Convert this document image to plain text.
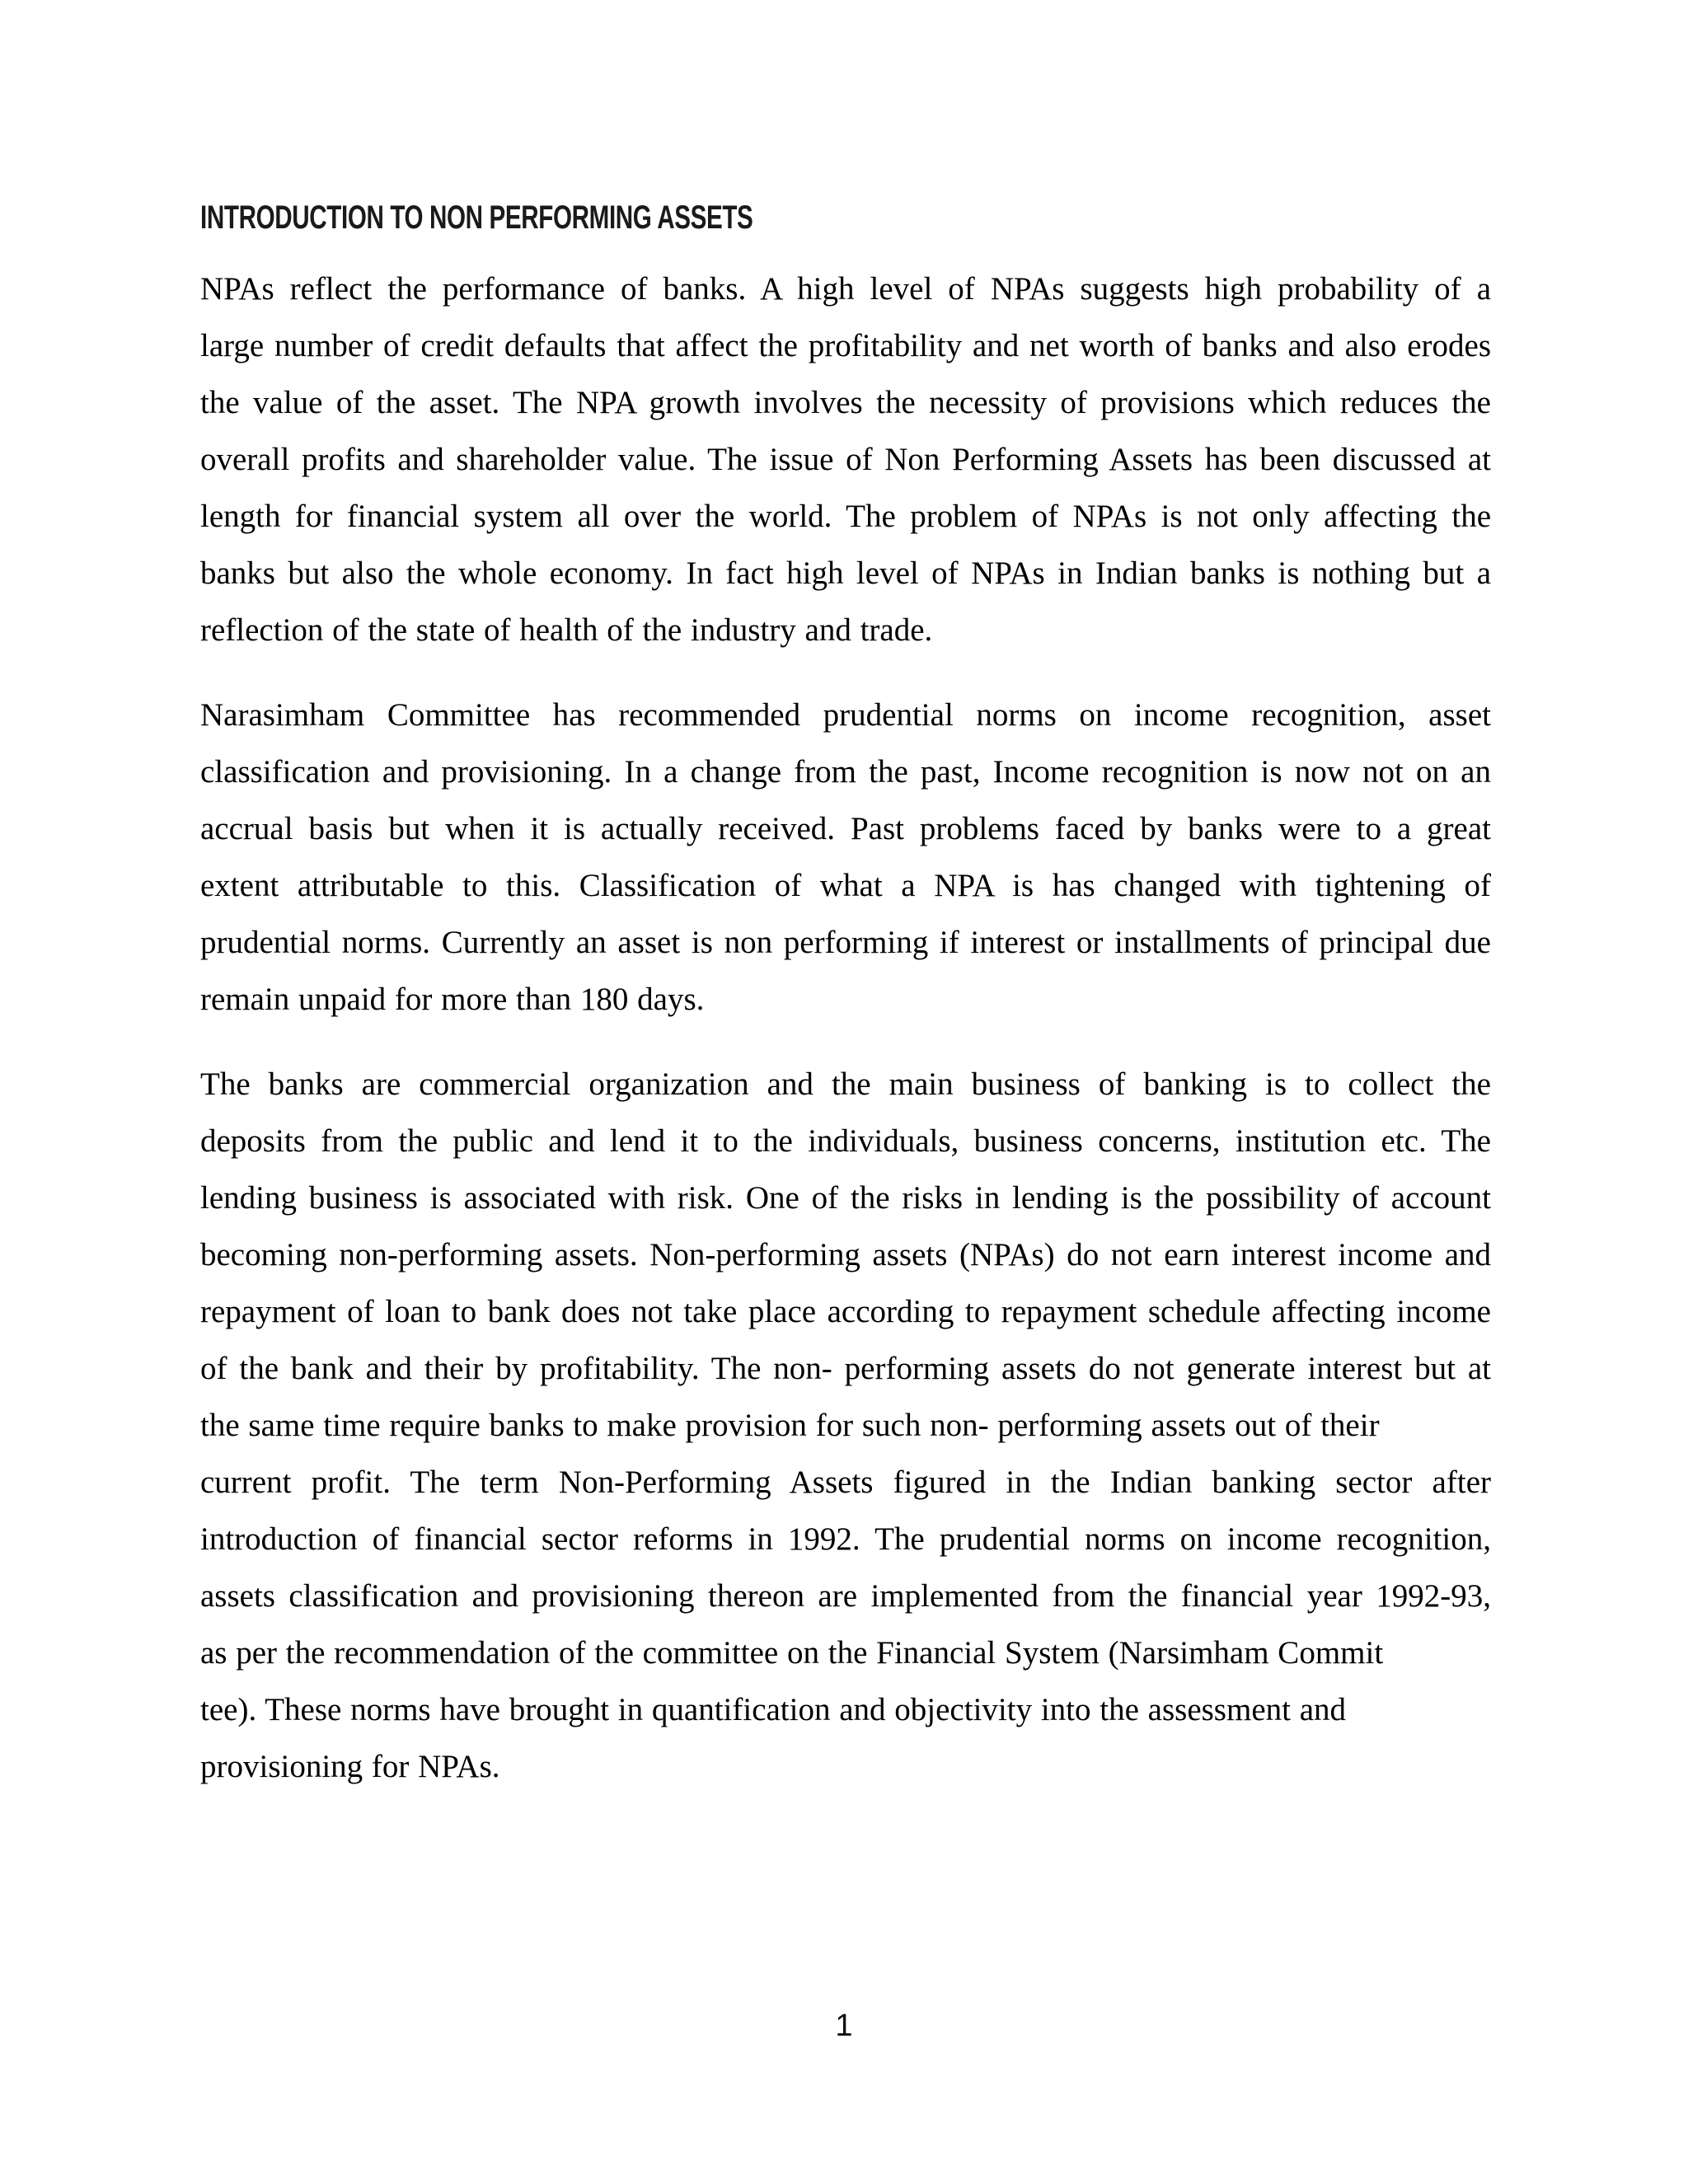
INTRODUCTION TO NON PERFORMING ASSETS
NPAs reflect the performance of banks. A high level of NPAs suggests high probability of a
large number of credit defaults that affect the profitability and net worth of banks and also erodes
the value of the asset. The NPA growth involves the necessity of provisions which reduces the
overall profits and shareholder value. The issue of Non Performing Assets has been discussed at
length for financial system all over the world. The problem of NPAs is not only affecting the
banks but also the whole economy. In fact high level of NPAs in Indian banks is nothing but a
reflection of the state of health of the industry and trade.
Narasimham Committee has recommended prudential norms on income recognition, asset
classification and provisioning. In a change from the past, Income recognition is now not on an
accrual basis but when it is actually received. Past problems faced by banks were to a great
extent attributable to this. Classification of what a NPA is has changed with tightening of
prudential norms. Currently an asset is non performing if interest or installments of principal due
remain unpaid for more than 180 days.
The banks are commercial organization and the main business of banking is to collect the
deposits from the public and lend it to the individuals, business concerns, institution etc. The
lending business is associated with risk. One of the risks in lending is the possibility of account
becoming non-performing assets. Non-performing assets (NPAs) do not earn interest income and
repayment of loan to bank does not take place according to repayment schedule affecting income
of the bank and their by profitability. The non- performing assets do not generate interest but at
the same time require banks to make provision for such non- performing assets out of their
current profit. The term Non-Performing Assets figured in the Indian banking sector after
introduction of financial sector reforms in 1992. The prudential norms on income recognition,
assets classification and provisioning thereon are implemented from the financial year 1992-93,
as per the recommendation of the committee on the Financial System (Narsimham Commit
tee). These norms have brought in quantification and objectivity into the assessment and
provisioning for NPAs.
1
